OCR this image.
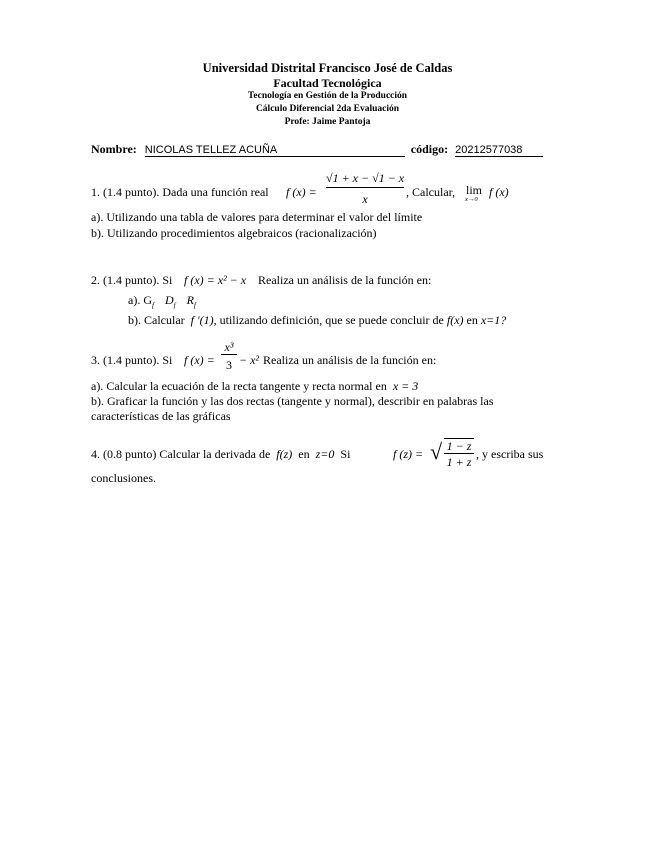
Universidad Distrital Francisco José de Caldas
Facultad Tecnológica
Tecnología en Gestión de la Producción
Cálculo Diferencial 2da Evaluación
Profe: Jaime Pantoja
Nombre: NICOLAS TELLEZ ACUÑA	código: 20212577038
1. (1.4 punto). Dada una función real f (x) =
√1 + x − √1 − x
x	, Calcular, lim
x→0
f (x)
a). Utilizando una tabla de valores para determinar el valor del límite
b). Utilizando procedimientos algebraicos (racionalización)
2. (1.4 punto). Si f (x) = x² − x Realiza un análisis de la función en:
a). $G_f$ $D_f$ $R_f$
b). Calcular f ′(1), utilizando definición, que se puede concluir de f(x) en x=1?
3. (1.4 punto). Si f (x) =
x³
3 − x² Realiza un análisis de la función en:
a). Calcular la ecuación de la recta tangente y recta normal en x = 3
b). Graficar la función y las dos rectas (tangente y normal), describir en palabras las
características de las gráficas
4. (0.8 punto) Calcular la derivada de f(z) en z=0 Si	f (z) = √ 1 − z
1 + z
, y escriba sus
conclusiones.
